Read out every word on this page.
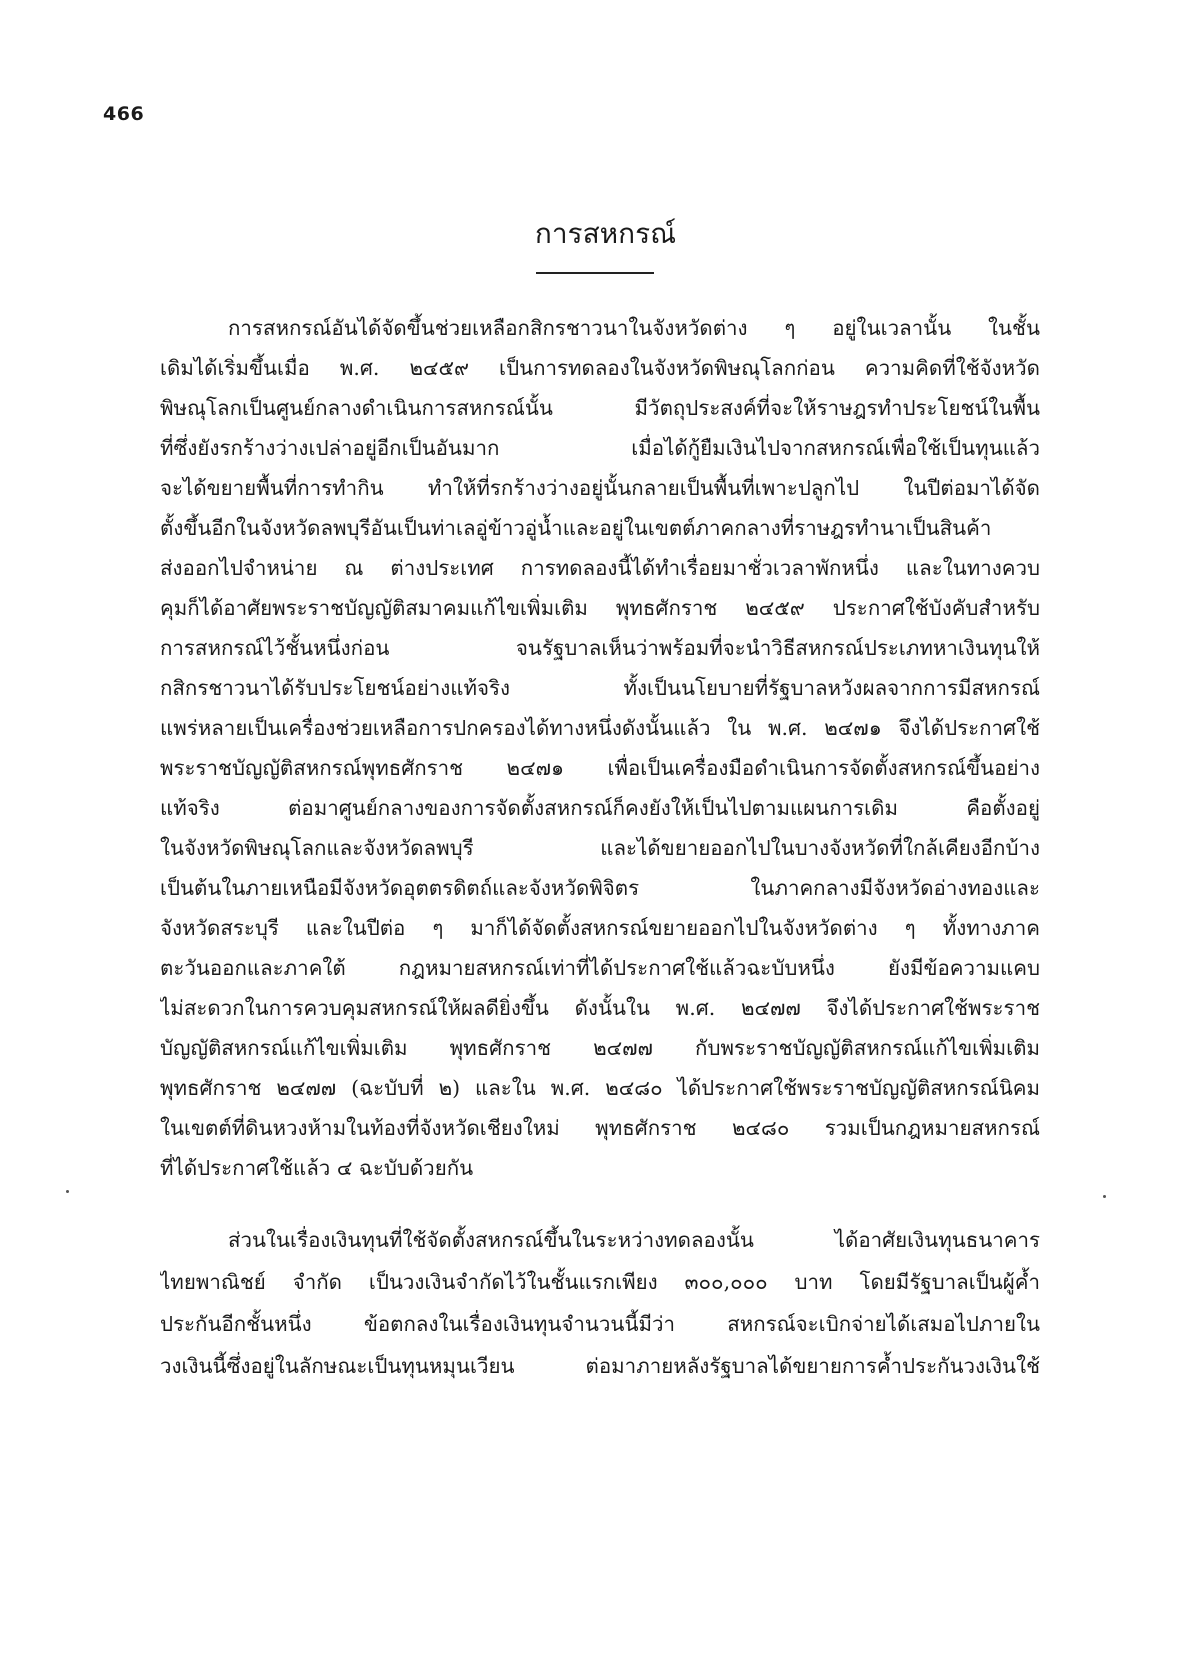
466
การสหกรณ์
การสหกรณ์อันได้จัดขึ้นช่วยเหลือกสิกรชาวนาในจังหวัดต่าง ๆ อยู่ในเวลานั้น ในชั้น
เดิมได้เริ่มขึ้นเมื่อ พ.ศ. ๒๔๕๙ เป็นการทดลองในจังหวัดพิษณุโลกก่อน ความคิดที่ใช้จังหวัด
พิษณุโลกเป็นศูนย์กลางดำเนินการสหกรณ์นั้น มีวัตถุประสงค์ที่จะให้ราษฎรทำประโยชน์ในพื้น
ที่ซึ่งยังรกร้างว่างเปล่าอยู่อีกเป็นอันมาก เมื่อได้กู้ยืมเงินไปจากสหกรณ์เพื่อใช้เป็นทุนแล้ว
จะได้ขยายพื้นที่การทำกิน ทำให้ที่รกร้างว่างอยู่นั้นกลายเป็นพื้นที่เพาะปลูกไป ในปีต่อมาได้จัด
ตั้งขึ้นอีกในจังหวัดลพบุรีอันเป็นท่าเลอู่ข้าวอู่น้ำและอยู่ในเขตต์ภาคกลางที่ราษฎรทำนาเป็นสินค้า
ส่งออกไปจำหน่าย ณ ต่างประเทศ การทดลองนี้ได้ทำเรื่อยมาชั่วเวลาพักหนึ่ง และในทางควบ
คุมก็ได้อาศัยพระราชบัญญัติสมาคมแก้ไขเพิ่มเติม พุทธศักราช ๒๔๕๙ ประกาศใช้บังคับสำหรับ
การสหกรณ์ไว้ชั้นหนึ่งก่อน จนรัฐบาลเห็นว่าพร้อมที่จะนำวิธีสหกรณ์ประเภทหาเงินทุนให้
กสิกรชาวนาได้รับประโยชน์อย่างแท้จริง ทั้งเป็นนโยบายที่รัฐบาลหวังผลจากการมีสหกรณ์
แพร่หลายเป็นเครื่องช่วยเหลือการปกครองได้ทางหนึ่งดังนั้นแล้ว ใน พ.ศ. ๒๔๗๑ จึงได้ประกาศใช้
พระราชบัญญัติสหกรณ์พุทธศักราช ๒๔๗๑ เพื่อเป็นเครื่องมือดำเนินการจัดตั้งสหกรณ์ขึ้นอย่าง
แท้จริง ต่อมาศูนย์กลางของการจัดตั้งสหกรณ์ก็คงยังให้เป็นไปตามแผนการเดิม คือตั้งอยู่
ในจังหวัดพิษณุโลกและจังหวัดลพบุรี และได้ขยายออกไปในบางจังหวัดที่ใกล้เคียงอีกบ้าง
เป็นต้นในภายเหนือมีจังหวัดอุตตรดิตถ์และจังหวัดพิจิตร ในภาคกลางมีจังหวัดอ่างทองและ
จังหวัดสระบุรี และในปีต่อ ๆ มาก็ได้จัดตั้งสหกรณ์ขยายออกไปในจังหวัดต่าง ๆ ทั้งทางภาค
ตะวันออกและภาคใต้ กฎหมายสหกรณ์เท่าที่ได้ประกาศใช้แล้วฉะบับหนึ่ง ยังมีข้อความแคบ
ไม่สะดวกในการควบคุมสหกรณ์ให้ผลดียิ่งขึ้น ดังนั้นใน พ.ศ. ๒๔๗๗ จึงได้ประกาศใช้พระราช
บัญญัติสหกรณ์แก้ไขเพิ่มเติม พุทธศักราช ๒๔๗๗ กับพระราชบัญญัติสหกรณ์แก้ไขเพิ่มเติม
พุทธศักราช ๒๔๗๗ (ฉะบับที่ ๒) และใน พ.ศ. ๒๔๘๐ ได้ประกาศใช้พระราชบัญญัติสหกรณ์นิคม
ในเขตต์ที่ดินหวงห้ามในท้องที่จังหวัดเชียงใหม่ พุทธศักราช ๒๔๘๐ รวมเป็นกฎหมายสหกรณ์
ที่ได้ประกาศใช้แล้ว ๔ ฉะบับด้วยกัน
ส่วนในเรื่องเงินทุนที่ใช้จัดตั้งสหกรณ์ขึ้นในระหว่างทดลองนั้น ได้อาศัยเงินทุนธนาคาร
ไทยพาณิชย์ จำกัด เป็นวงเงินจำกัดไว้ในชั้นแรกเพียง ๓๐๐,๐๐๐ บาท โดยมีรัฐบาลเป็นผู้ค้ำ
ประกันอีกชั้นหนึ่ง ข้อตกลงในเรื่องเงินทุนจำนวนนี้มีว่า สหกรณ์จะเบิกจ่ายได้เสมอไปภายใน
วงเงินนี้ซึ่งอยู่ในลักษณะเป็นทุนหมุนเวียน ต่อมาภายหลังรัฐบาลได้ขยายการค้ำประกันวงเงินใช้
